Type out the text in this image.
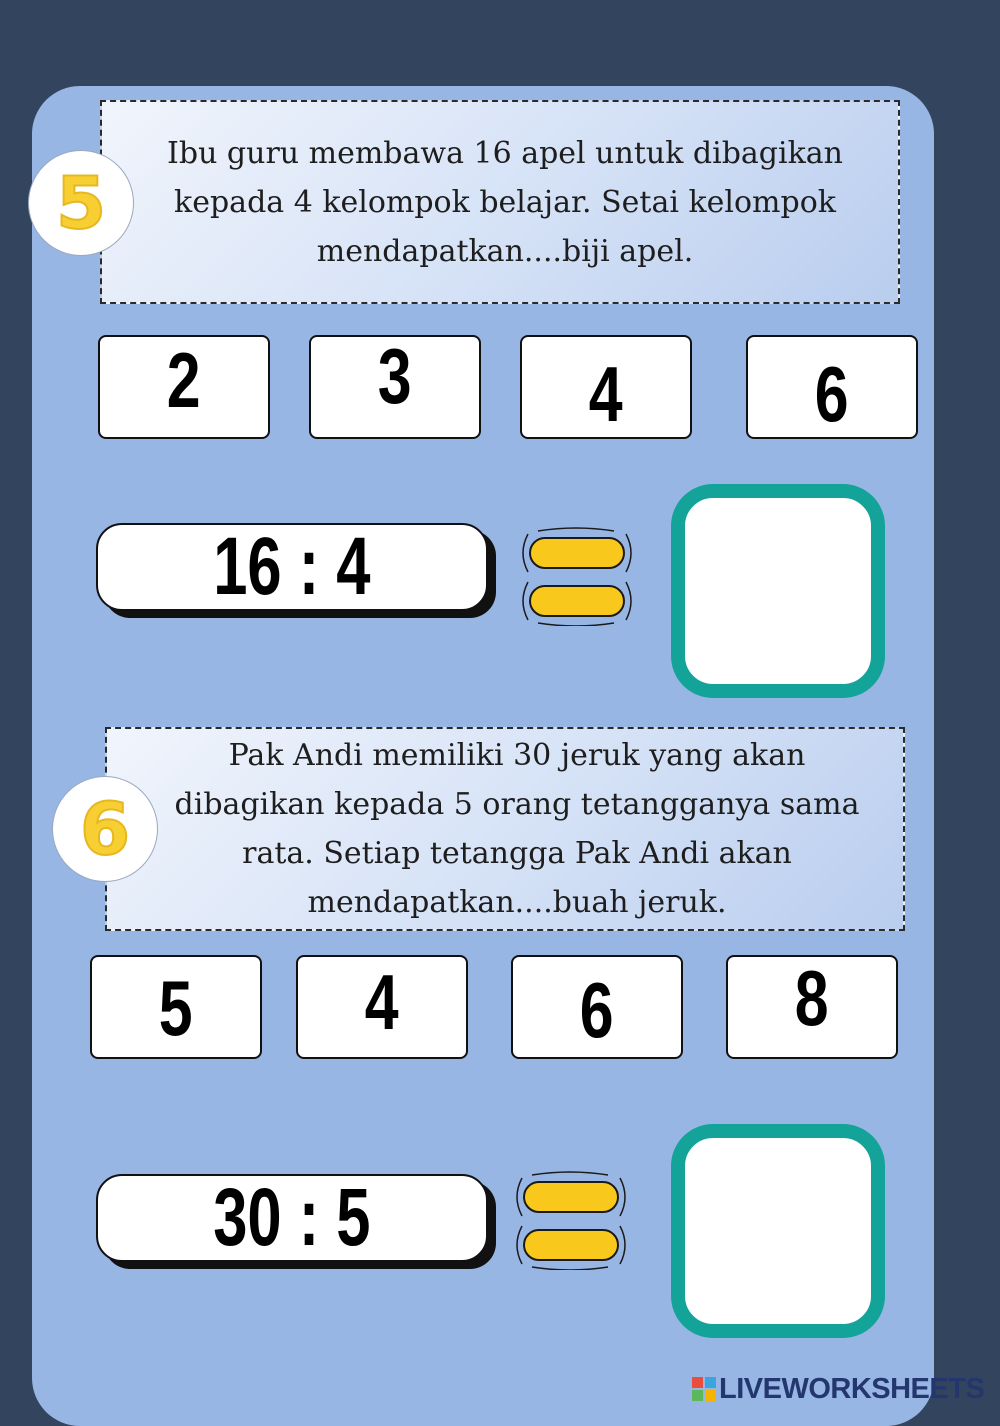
Ibu guru membawa 16 apel untuk dibagikan kepada 4 kelompok belajar. Setai kelompok mendapatkan....biji apel.

5
2 3 4 6
16 : 4

Pak Andi memiliki 30 jeruk yang akan dibagikan kepada 5 orang tetangganya sama rata. Setiap tetangga Pak Andi akan mendapatkan....buah jeruk.

6
5 4 6 8
30 : 5
LIVEWORKSHEETS
